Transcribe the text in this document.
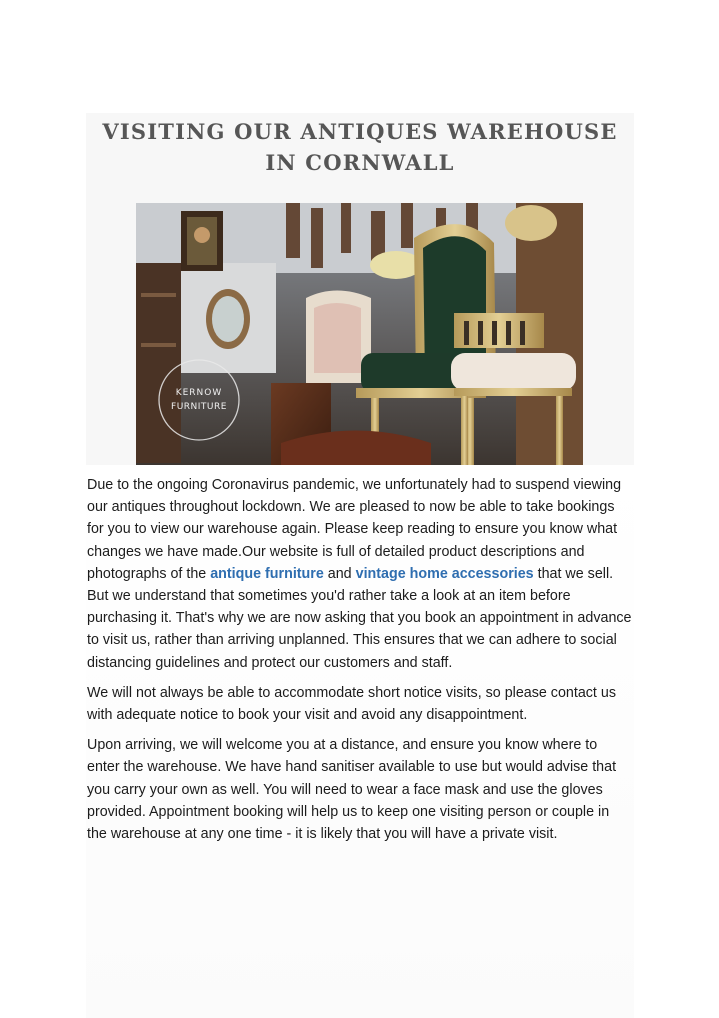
VISITING OUR ANTIQUES WAREHOUSE
IN CORNWALL
KERNOW
FURNITURE

Due to the ongoing Coronavirus pandemic, we unfortunately had to suspend viewing our antiques throughout lockdown. We are pleased to now be able to take bookings for you to view our warehouse again. Please keep reading to ensure you know what changes we have made.Our website is full of detailed product descriptions and photographs of the antique furniture and vintage home accessories that we sell. But we understand that sometimes you'd rather take a look at an item before purchasing it. That's why we are now asking that you book an appointment in advance to visit us, rather than arriving unplanned. This ensures that we can adhere to social distancing guidelines and protect our customers and staff.

We will not always be able to accommodate short notice visits, so please contact us with adequate notice to book your visit and avoid any disappointment.

Upon arriving, we will welcome you at a distance, and ensure you know where to enter the warehouse. We have hand sanitiser available to use but would advise that you carry your own as well. You will need to wear a face mask and use the gloves provided. Appointment booking will help us to keep one visiting person or couple in the warehouse at any one time - it is likely that you will have a private visit.
